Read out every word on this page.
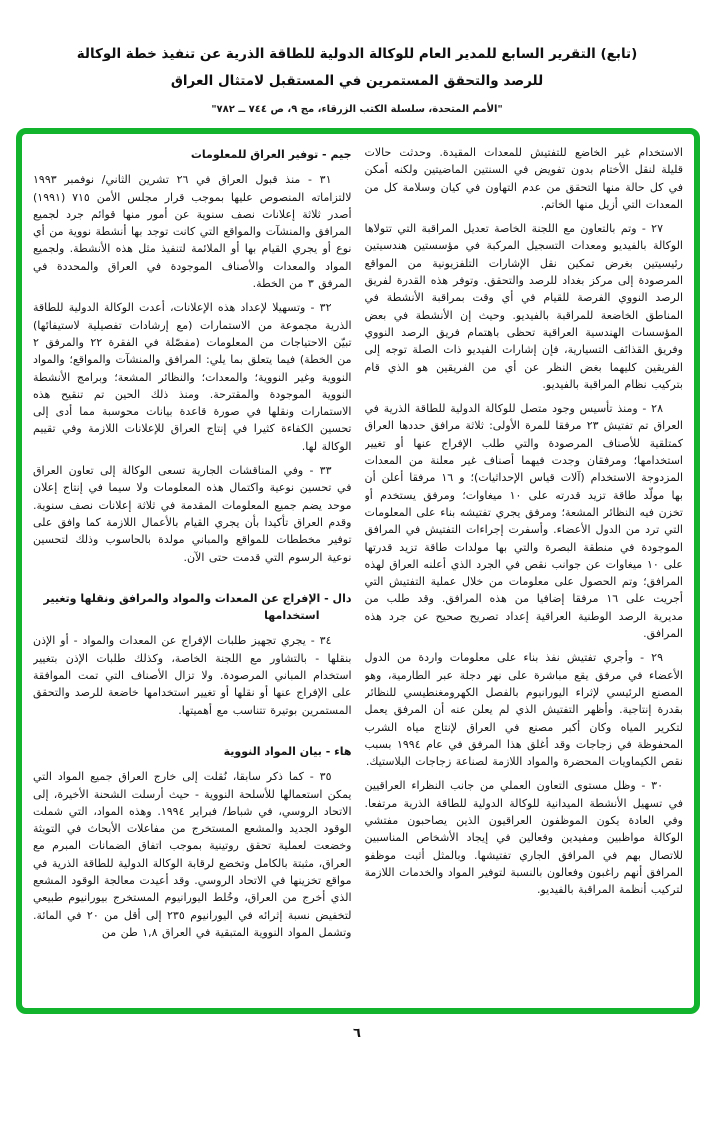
(تابع) التقرير السابع للمدير العام للوكالة الدولية للطاقة الذرية عن تنفيذ خطة الوكالة
للرصد والتحقق المستمرين في المستقبل لامتثال العراق
"الأمم المتحدة، سلسلة الكتب الزرقاء، مج ٩، ص ٧٤٤ ــ ٧٨٢"

الاستخدام غير الخاضع للتفتيش للمعدات المقيدة. وحدثت حالات قليلة لنقل الأختام بدون تفويض في السنتين الماضيتين ولكنه أمكن في كل حالة منها التحقق من عدم التهاون في كيان وسلامة كل من المعدات التي أزيل منها الخاتم.

٢٧ - وتم بالتعاون مع اللجنة الخاصة تعديل المراقبة التي تتولاها الوكالة بالفيديو ومعدات التسجيل المركبة في مؤسستين هندسيتين رئيسيتين بغرض تمكين نقل الإشارات التلفزيونية من المواقع المرصودة إلى مركز بغداد للرصد والتحقق. وتوفر هذه القدرة لفريق الرصد النووي الفرصة للقيام في أي وقت بمراقبة الأنشطة في المناطق الخاضعة للمراقبة بالفيديو. وحيث إن الأنشطة في بعض المؤسسات الهندسية العراقية تحظى باهتمام فريق الرصد النووي وفريق القذائف التسيارية، فإن إشارات الفيديو ذات الصلة توجه إلى الفريقين كليهما بغض النظر عن أي من الفريقين هو الذي قام بتركيب نظام المراقبة بالفيديو.

٢٨ - ومنذ تأسيس وجود متصل للوكالة الدولية للطاقة الذرية في العراق تم تفتيش ٢٣ مرفقا للمرة الأولى: ثلاثة مرافق حددها العراق كمتلقية للأصناف المرصودة والتي طلب الإفراج عنها أو تغيير استخدامها؛ ومرفقان وجدت فيهما أصناف غير معلنة من المعدات المزدوجة الاستخدام (آلات قياس الإحداثيات)؛ و ١٦ مرفقا أعلن أن بها مولّد طاقة تزيد قدرته على ١٠ ميغاوات؛ ومرفق يستخدم أو تخزن فيه النظائر المشعة؛ ومرفق يجري تفتيشه بناء على المعلومات التي ترد من الدول الأعضاء. وأسفرت إجراءات التفتيش في المرافق الموجودة في منطقة البصرة والتي بها مولدات طاقة تزيد قدرتها على ١٠ ميغاوات عن جوانب نقص في الجرد الذي أعلنه العراق لهذه المرافق؛ وتم الحصول على معلومات من خلال عملية التفتيش التي أجريت على ١٦ مرفقا إضافيا من هذه المرافق. وقد طلب من مديرية الرصد الوطنية العراقية إعداد تصريح صحيح عن جرد هذه المرافق.

٢٩ - وأجري تفتيش نفذ بناء على معلومات واردة من الدول الأعضاء في مرفق يقع مباشرة على نهر دجلة عبر الطارمية، وهو المصنع الرئيسي لإثراء اليورانيوم بالفصل الكهرومغنطيسي للنظائر بقدرة إنتاجية. وأظهر التفتيش الذي لم يعلن عنه أن المرفق يعمل لتكرير المياه وكان أكبر مصنع في العراق لإنتاج مياه الشرب المحفوظة في زجاجات وقد أغلق هذا المرفق في عام ١٩٩٤ بسبب نقص الكيماويات المحضرة والمواد اللازمة لصناعة زجاجات البلاستيك.

٣٠ - وظل مستوى التعاون العملي من جانب النظراء العراقيين في تسهيل الأنشطة الميدانية للوكالة الدولية للطاقة الذرية مرتفعا. وفي العادة يكون الموظفون العراقيون الذين يصاحبون مفتشي الوكالة مواظبين ومفيدين وفعالين في إيجاد الأشخاص المناسبين للاتصال بهم في المرافق الجاري تفتيشها. وبالمثل أثبت موظفو المرافق أنهم راغبون وفعالون بالنسبة لتوفير المواد والخدمات اللازمة لتركيب أنظمة المراقبة بالفيديو.

جيم - توفير العراق للمعلومات

٣١ - منذ قبول العراق في ٢٦ تشرين الثاني/ نوفمبر ١٩٩٣ لالتزاماته المنصوص عليها بموجب قرار مجلس الأمن ٧١٥ (١٩٩١) أصدر ثلاثة إعلانات نصف سنوية عن أمور منها قوائم جرد لجميع المرافق والمنشآت والمواقع التي كانت توجد بها أنشطة نووية من أي نوع أو يجري القيام بها أو الملائمة لتنفيذ مثل هذه الأنشطة. ولجميع المواد والمعدات والأصناف الموجودة في العراق والمحددة في المرفق ٣ من الخطة.

٣٢ - وتسهيلا لإعداد هذه الإعلانات، أعدت الوكالة الدولية للطاقة الذرية مجموعة من الاستمارات (مع إرشادات تفصيلية لاستيفائها) تبيّن الاحتياجات من المعلومات (مفصّلة في الفقرة ٢٢ والمرفق ٢ من الخطة) فيما يتعلق بما يلي: المرافق والمنشآت والمواقع؛ والمواد النووية وغير النووية؛ والمعدات؛ والنظائر المشعة؛ وبرامج الأنشطة النووية الموجودة والمقترحة. ومنذ ذلك الحين تم تنقيح هذه الاستمارات ونقلها في صورة قاعدة بيانات محوسبة مما أدى إلى تحسين الكفاءة كثيرا في إنتاج العراق للإعلانات اللازمة وفي تقييم الوكالة لها.

٣٣ - وفي المناقشات الجارية تسعى الوكالة إلى تعاون العراق في تحسين نوعية واكتمال هذه المعلومات ولا سيما في إنتاج إعلان موحد يضم جميع المعلومات المقدمة في ثلاثة إعلانات نصف سنوية. وقدم العراق تأكيدا بأن يجري القيام بالأعمال اللازمة كما وافق على توفير مخططات للمواقع والمباني مولدة بالحاسوب وذلك لتحسين نوعية الرسوم التي قدمت حتى الآن.

دال - الإفراج عن المعدات والمواد والمرافق ونقلها وتغيير استخدامها

٣٤ - يجري تجهيز طلبات الإفراج عن المعدات والمواد - أو الإذن بنقلها - بالتشاور مع اللجنة الخاصة، وكذلك طلبات الإذن بتغيير استخدام المباني المرصودة. ولا تزال الأصناف التي تمت الموافقة على الإفراج عنها أو نقلها أو تغيير استخدامها خاضعة للرصد والتحقق المستمرين بوتيرة تتناسب مع أهميتها.

هاء - بيان المواد النووية

٣٥ - كما ذكر سابقا، نُقلت إلى خارج العراق جميع المواد التي يمكن استعمالها للأسلحة النووية - حيث أرسلت الشحنة الأخيرة، إلى الاتحاد الروسي، في شباط/ فبراير ١٩٩٤. وهذه المواد، التي شملت الوقود الجديد والمشعع المستخرج من مفاعلات الأبحاث في التويثة وخضعت لعملية تحقق روتينية بموجب اتفاق الضمانات المبرم مع العراق، مثبتة بالكامل وتخضع لرقابة الوكالة الدولية للطاقة الذرية في مواقع تخزينها في الاتحاد الروسي. وقد أعيدت معالجة الوقود المشعع الذي أخرج من العراق، وخُلط اليورانيوم المستخرج بيورانيوم طبيعي لتخفيض نسبة إثرائه في اليورانيوم ٢٣٥ إلى أقل من ٢٠ في المائة. وتشمل المواد النووية المتبقية في العراق ١,٨ طن من

٦
